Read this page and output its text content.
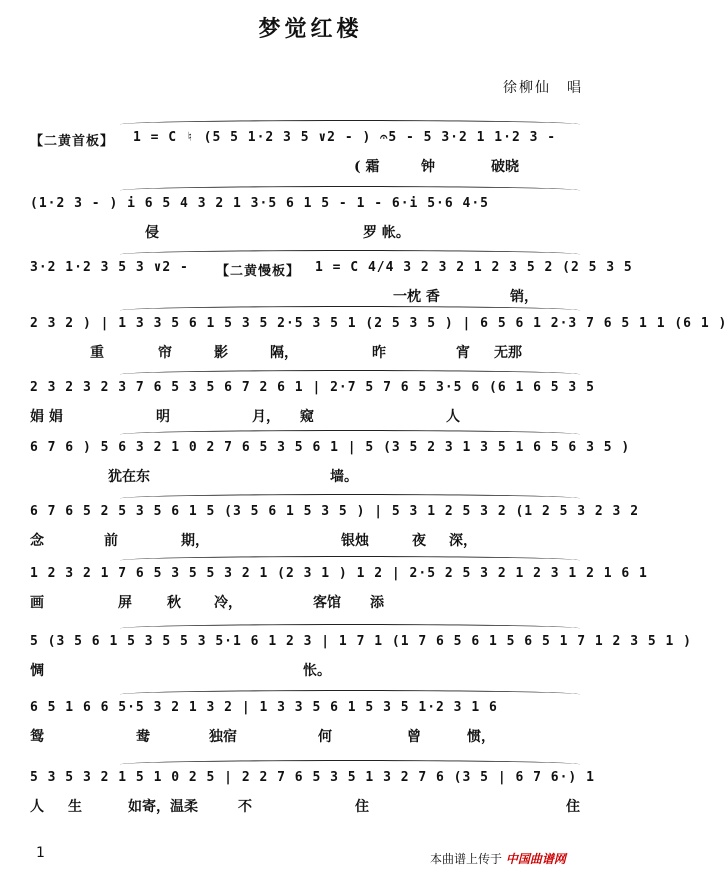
梦觉红楼
徐柳仙　唱
【二黄首板】 1 = C ♮ (5 5 1·2 3 5 ∨2 - ) 𝄐5 - 5 3·2 1 1·2 3 -
( 霜	钟	破晓
(1·2 3 - ) i 6 5 4 3 2 1 3·5 6 1 5 - 1 - 6·i 5·6 4·5
侵	罗 帐。
3·2 1·2 3 5 3 ∨2 - 【二黄慢板】 1 = C 4/4 3 2 3 2 1 2 3 5 2 (2 5 3 5
一枕 香	销，
2 3 2 ) | 1 3 3 5 6 1 5 3 5 2·5 3 5 1 (2 5 3 5 ) | 6 5 6 1 2·3 7 6 5 1 1 (6 1 )
重	帘	影	隔，	昨	宵 无那
2 3 2 3 2 3 7 6 5 3 5 6 7 2 6 1 | 2·7 5 7 6 5 3·5 6 (6 1 6 5 3 5
娟 娟	明	月， 窥	人
6 7 6 ) 5 6 3 2 1 0 2 7 6 5 3 5 6 1 | 5 (3 5 2 3 1 3 5 1 6 5 6 3 5 )
犹在东	墙。
6 7 6 5 2 5 3 5 6 1 5 (3 5 6 1 5 3 5 ) | 5 3 1 2 5 3 2 (1 2 5 3 2 3 2
念	前	期，	银烛	夜 深，
1 2 3 2 1 7 6 5 3 5 5 3 2 1 (2 3 1 ) 1 2 | 2·5 2 5 3 2 1 2 3 1 2 1 6 1
画	屏	秋 冷，	客馆 添
5 (3 5 6 1 5 3 5 5 3 5·1 6 1 2 3 | 1 7 1 (1 7 6 5 6 1 5 6 5 1 7 1 2 3 5 1 )
惆	怅。
6 5 1 6 6 5·5 3 2 1 3 2 | 1 3 3 5 6 1 5 3 5 1·2 3 1 6
鸳	鸯	独宿	何	曾	惯，
5 3 5 3 2 1 5 1 0 2 5 | 2 2 7 6 5 3 5 1 3 2 7 6 (3 5 | 6 7 6·) 1
人 生	如寄，温柔	不	住	住
1	本曲谱上传于 中国曲谱网
